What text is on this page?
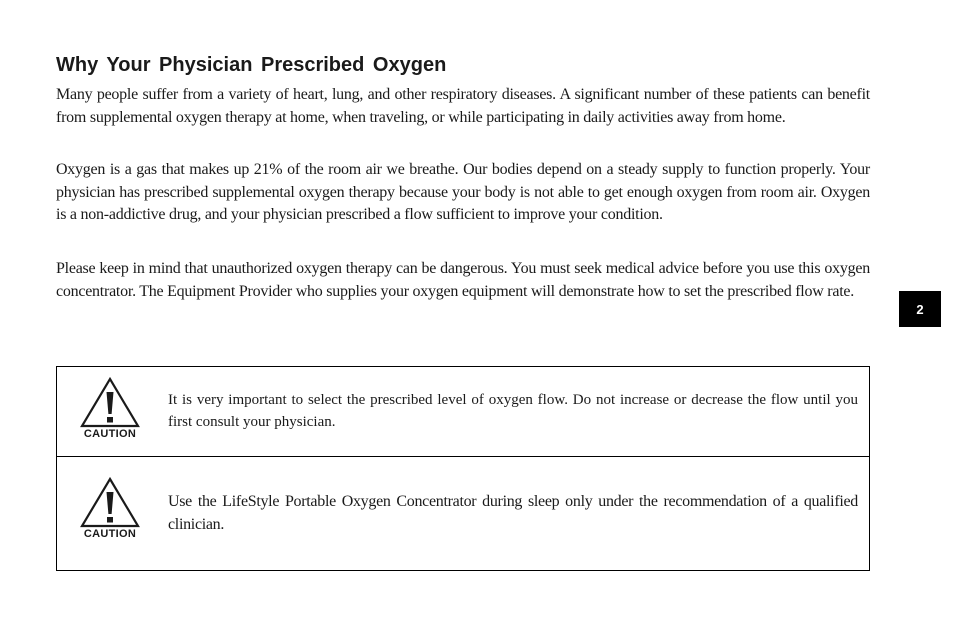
Why Your Physician Prescribed Oxygen

Many people suffer from a variety of heart, lung, and other respiratory diseases. A significant number of these patients can benefit from supplemental oxygen therapy at home, when traveling, or while participating in daily activities away from home.

Oxygen is a gas that makes up 21% of the room air we breathe. Our bodies depend on a steady supply to function properly. Your physician has prescribed supplemental oxygen therapy because your body is not able to get enough oxygen from room air. Oxygen is a non-addictive drug, and your physician prescribed a flow sufficient to improve your condition.

Please keep in mind that unauthorized oxygen therapy can be dangerous. You must seek medical advice before you use this oxygen concentrator. The Equipment Provider who supplies your oxygen equipment will demonstrate how to set the prescribed flow rate.

2
CAUTION

It is very important to select the prescribed level of oxygen flow. Do not increase or decrease the flow until you first consult your physician.

CAUTION

Use the LifeStyle Portable Oxygen Concentrator during sleep only under the recommendation of a qualified clinician.
